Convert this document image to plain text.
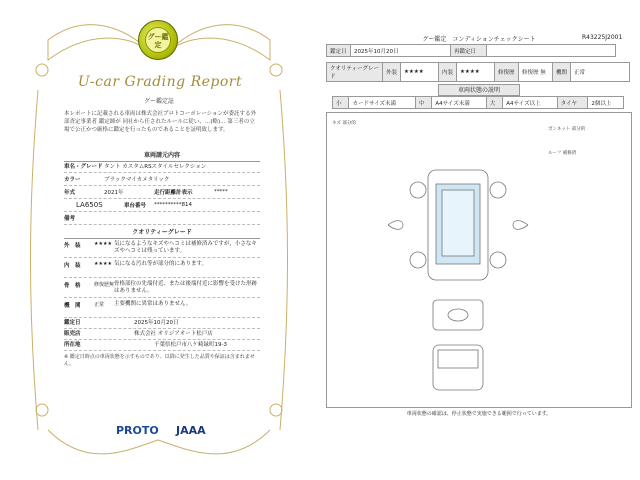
グー鑑定
U-car Grading Report
グー鑑定証
本レポートに記載される車両は株式会社プロトコーポレーションが委託する外部査定事業者 鑑定師が 同社から任されたルールに従い、…(略)… 第三者の立場で公正かつ厳格に鑑定を行ったものであることを証明致します。
車両請元内容
車名・グレード タント カスタムRSスタイルセレクション
カラー	ブラックマイカメタリック
年式	2021年	走行距離計表示	*****
LA650S	車台番号	**********814
備考
クオリティーグレード
外　装	★★★★ 気になるようなキズやヘコミは補修済みですが、小さなキズやヘコミは残っています。
内　装	★★★★ 気になる汚れ等が部分的にあります。
骨　格	修復歴無 骨格部位の先端付近、または後端付近に影響を受けた形跡はありません。
機　関	正常	主要機関に異常はありません。
鑑定日	2025年10月20日
販売店	株式会社 オリジアオート松戸店
所在地	千葉県松戸市八ケ崎緑町19-3
※ 鑑定日時点の車両状態を示すものであり、以降に発生した品質や保証は含まれません。
PROTO JAAA
グー鑑定　コンディションチェックシート	R43225J2001
鑑定日	2025年10月20日	再鑑定日	
クオリティーグレード	外装	★★★★	内装	★★★★	修復歴	修復歴 無	機関	正常
車両状態の説明
小	カードサイズ未満	中	A4サイズ未満	大	A4サイズ以上	タイヤ	2個以上
キズ 部分的
ボンネット 部分的
ルーフ 補修済
車両状態の確認は、停止状態で実施できる範囲で行っています。
